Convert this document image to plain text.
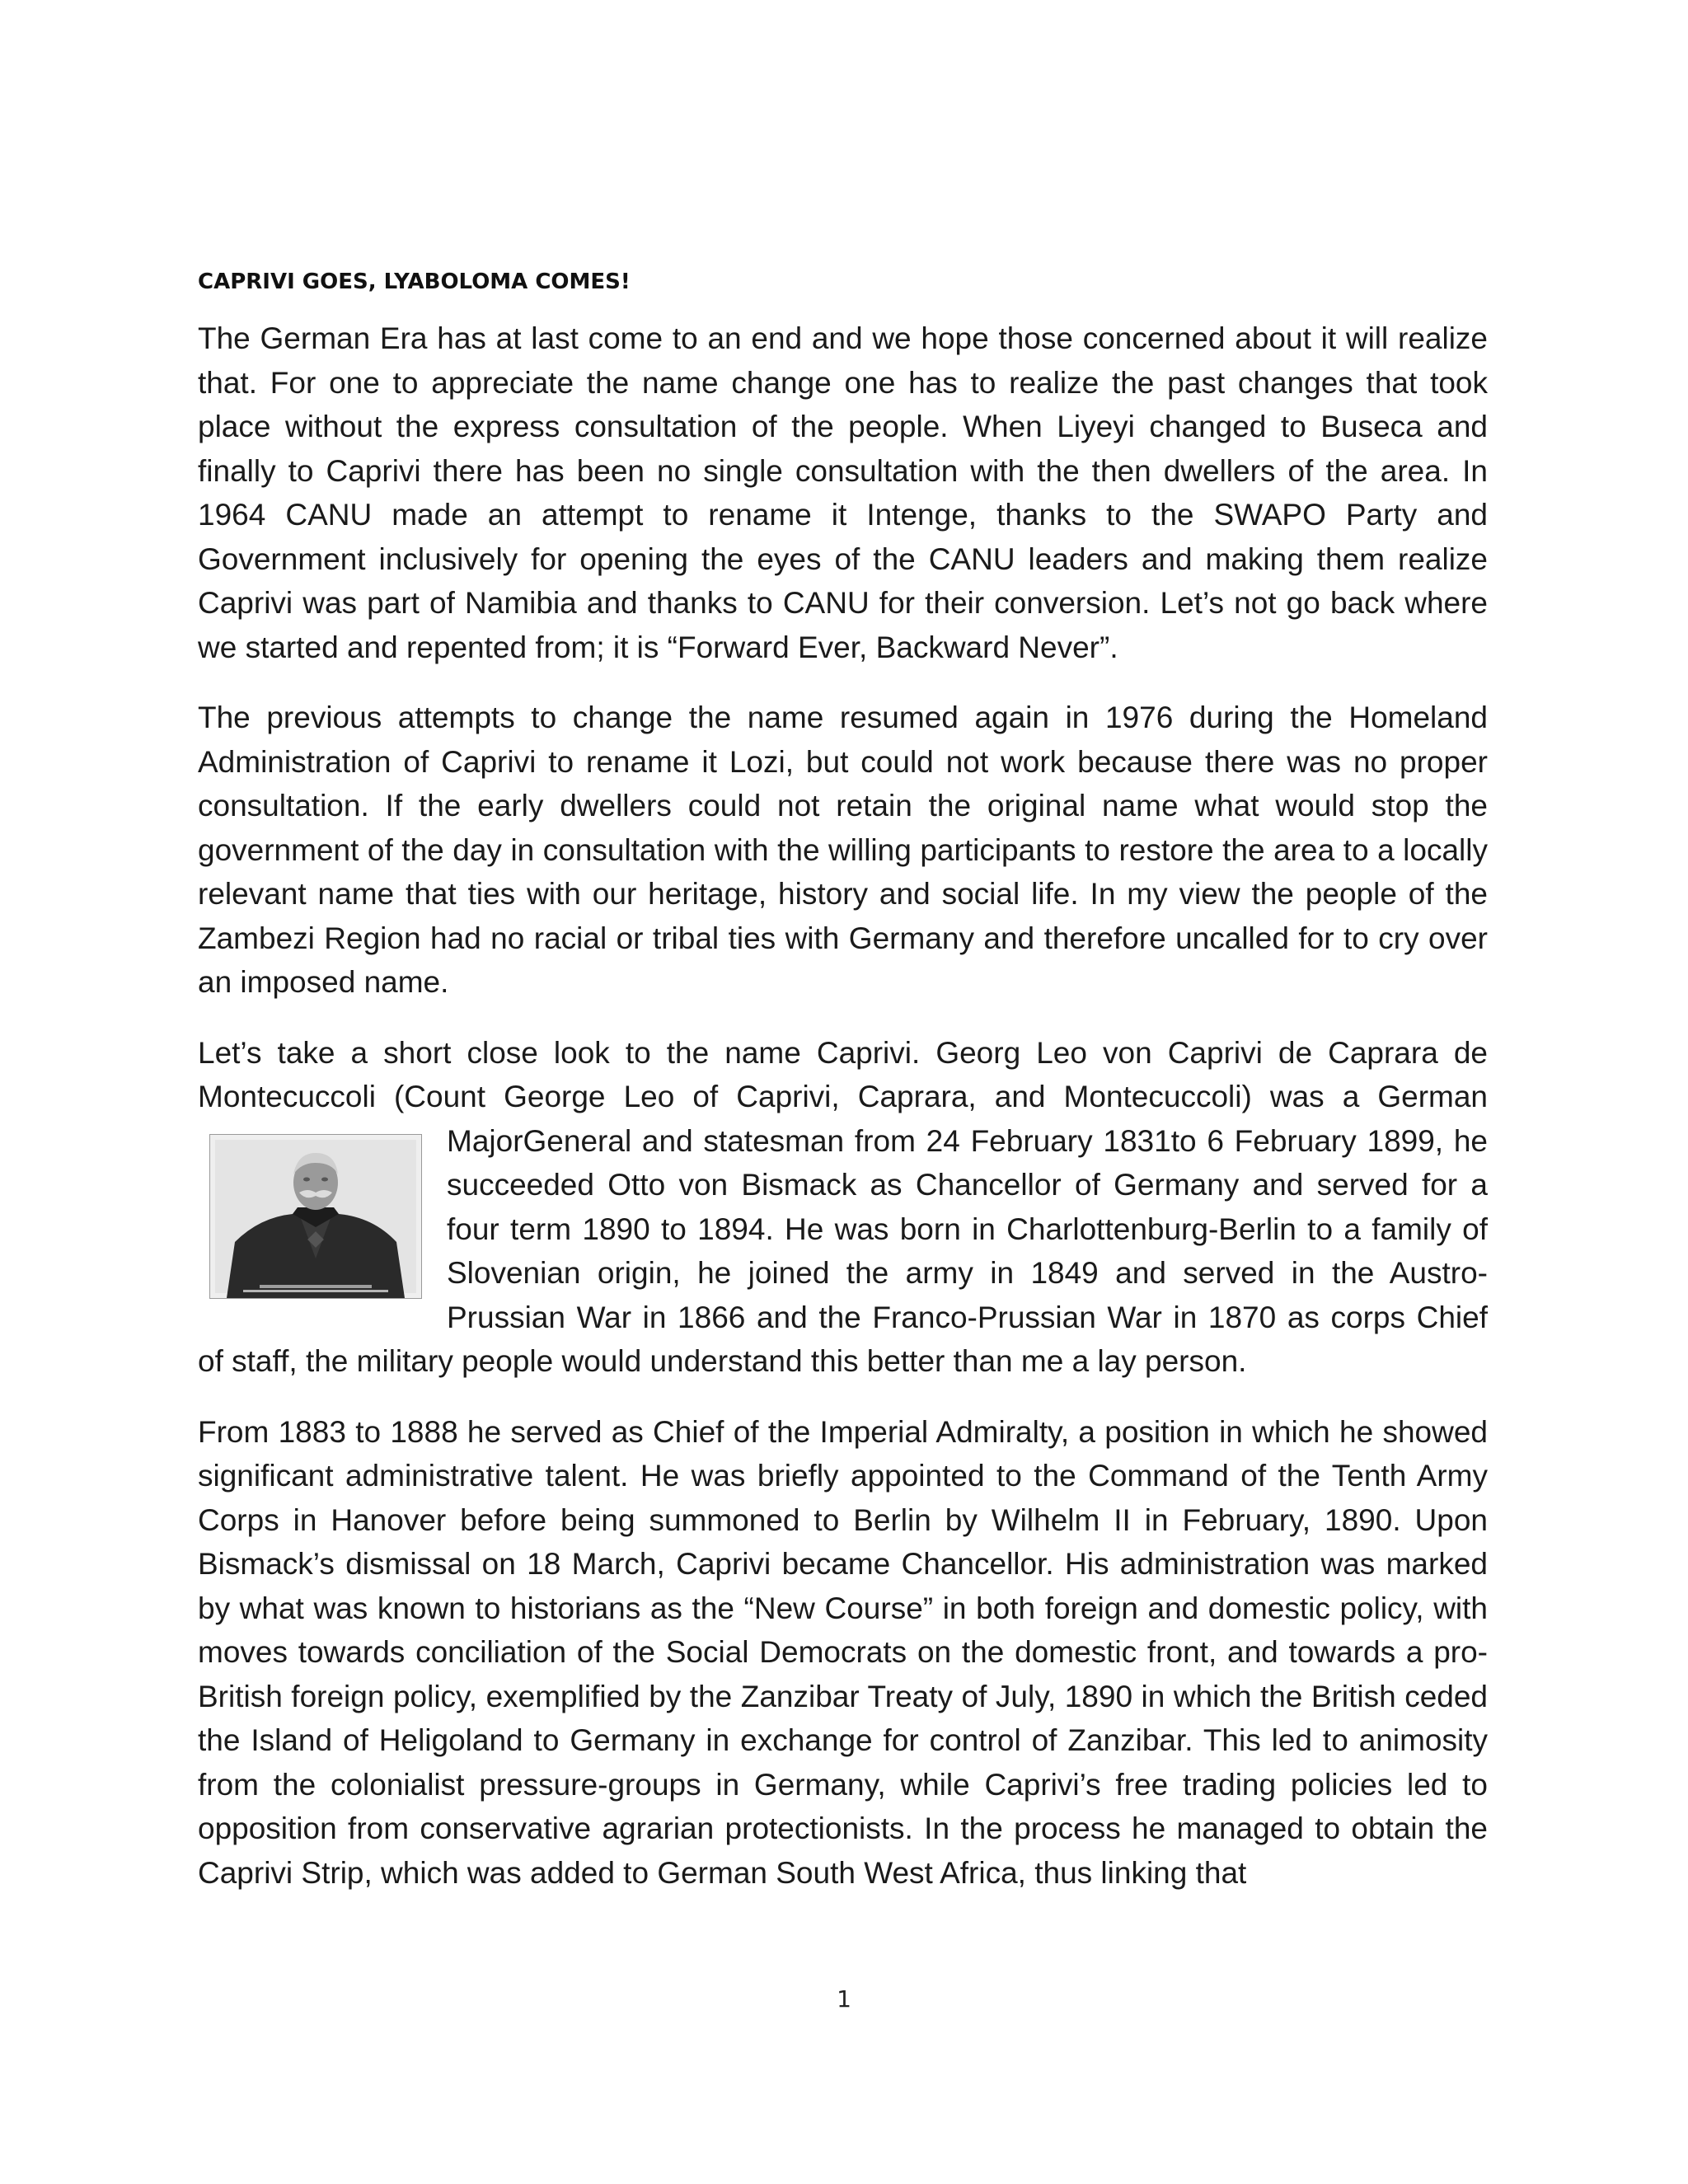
CAPRIVI GOES, LYABOLOMA COMES!

The German Era has at last come to an end and we hope those concerned about it will realize that. For one to appreciate the name change one has to realize the past changes that took place without the express consultation of the people. When Liyeyi changed to Buseca and finally to Caprivi there has been no single consultation with the then dwellers of the area. In 1964 CANU made an attempt to rename it Intenge, thanks to the SWAPO Party and Government inclusively for opening the eyes of the CANU leaders and making them realize Caprivi was part of Namibia and thanks to CANU for their conversion. Let’s not go back where we started and repented from; it is “Forward Ever, Backward Never”.

The previous attempts to change the name resumed again in 1976 during the Homeland Administration of Caprivi to rename it Lozi, but could not work because there was no proper consultation. If the early dwellers could not retain the original name what would stop the government of the day in consultation with the willing participants to restore the area to a locally relevant name that ties with our heritage, history and social life. In my view the people of the Zambezi Region had no racial or tribal ties with Germany and therefore uncalled for to cry over an imposed name.

Let’s take a short close look to the name Caprivi. Georg Leo von Caprivi de Caprara de Montecuccoli (Count George Leo of Caprivi, Caprara, and Montecuccoli) was a German Major
General and statesman from 24 February 1831to 6 February 1899, he succeeded Otto von Bismack as Chancellor of Germany and served for a four term 1890 to 1894. He was born in Charlottenburg-Berlin to a family of Slovenian origin, he joined the army in 1849 and served in the Austro-Prussian War in 1866 and the Franco-Prussian War in 1870 as corps Chief of staff, the military people would understand this better than me a lay person.

From 1883 to 1888 he served as Chief of the Imperial Admiralty, a position in which he showed significant administrative talent. He was briefly appointed to the Command of the Tenth Army Corps in Hanover before being summoned to Berlin by Wilhelm II in February, 1890. Upon Bismack’s dismissal on 18 March, Caprivi became Chancellor. His administration was marked by what was known to historians as the “New Course” in both foreign and domestic policy, with moves towards conciliation of the Social Democrats on the domestic front, and towards a pro-British foreign policy, exemplified by the Zanzibar Treaty of July, 1890 in which the British ceded the Island of Heligoland to Germany in exchange for control of Zanzibar. This led to animosity from the colonialist pressure-groups in Germany, while Caprivi’s free trading policies led to opposition from conservative agrarian protectionists. In the process he managed to obtain the Caprivi Strip, which was added to German South West Africa, thus linking that

1
